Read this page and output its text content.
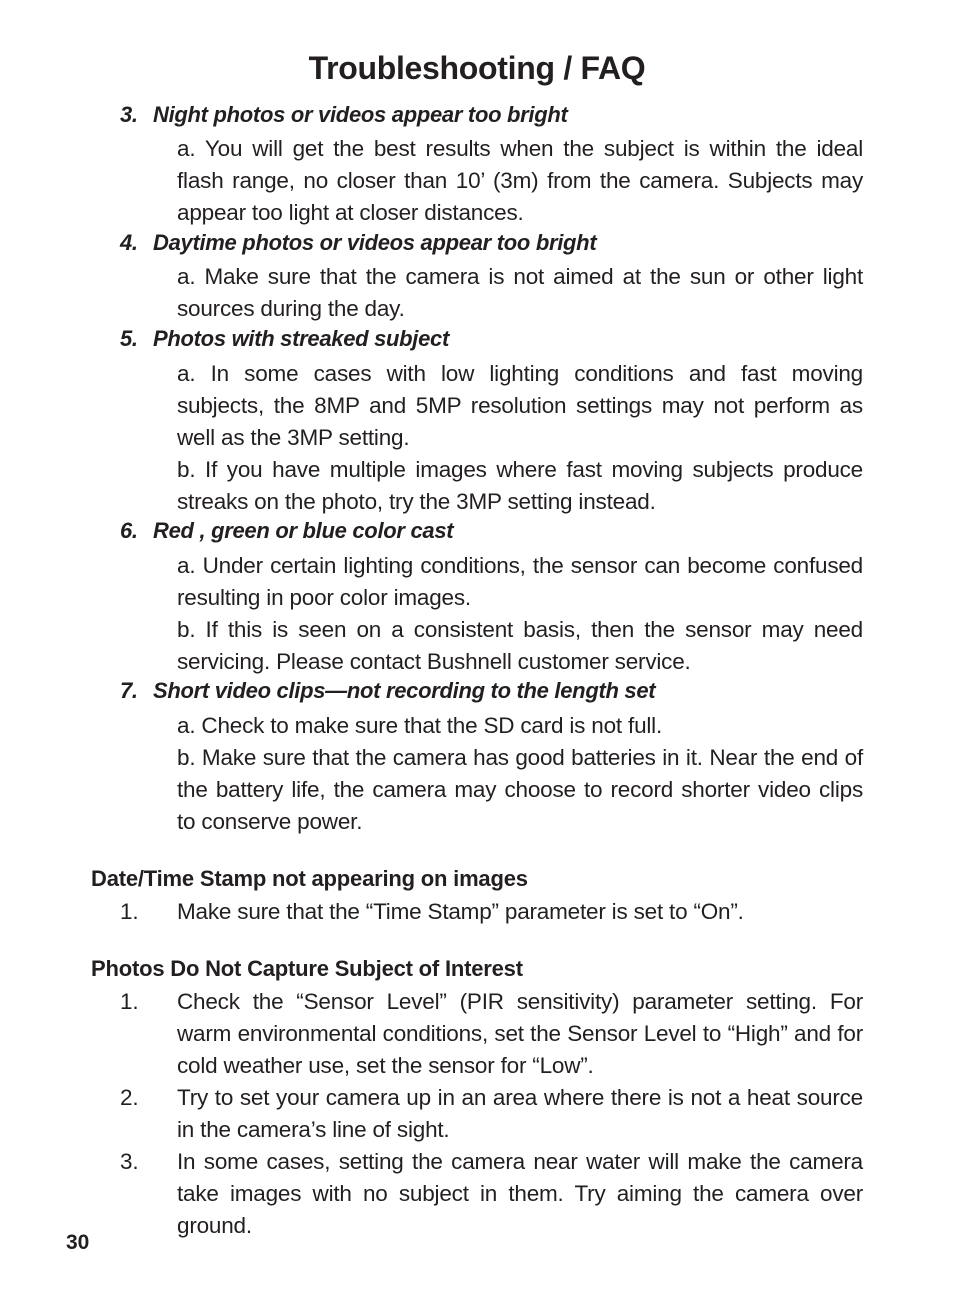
Troubleshooting / FAQ
3. Night photos or videos appear too bright
a. You will get the best results when the subject is within the ideal flash range, no closer than 10’ (3m) from the camera. Subjects may appear too light at closer distances.
4. Daytime photos or videos appear too bright
a. Make sure that the camera is not aimed at the sun or other light sources during the day.
5. Photos with streaked subject
a. In some cases with low lighting conditions and fast moving subjects, the 8MP and 5MP resolution settings may not perform as well as the 3MP setting.
b. If you have multiple images where fast moving subjects produce streaks on the photo, try the 3MP setting instead.
6. Red , green or blue color cast
a. Under certain lighting conditions, the sensor can become confused resulting in poor color images.
b. If this is seen on a consistent basis, then the sensor may need servicing. Please contact Bushnell customer service.
7. Short video clips—not recording to the length set
a. Check to make sure that the SD card is not full.
b. Make sure that the camera has good batteries in it. Near the end of the battery life, the camera may choose to record shorter video clips to conserve power.
Date/Time Stamp not appearing on images
1. Make sure that the “Time Stamp” parameter is set to “On”.
Photos Do Not Capture Subject of Interest
1. Check the “Sensor Level” (PIR sensitivity) parameter setting. For warm environmental conditions, set the Sensor Level to “High” and for cold weather use, set the sensor for “Low”.
2. Try to set your camera up in an area where there is not a heat source in the camera’s line of sight.
3. In some cases, setting the camera near water will make the camera take images with no subject in them. Try aiming the camera over ground.
30
